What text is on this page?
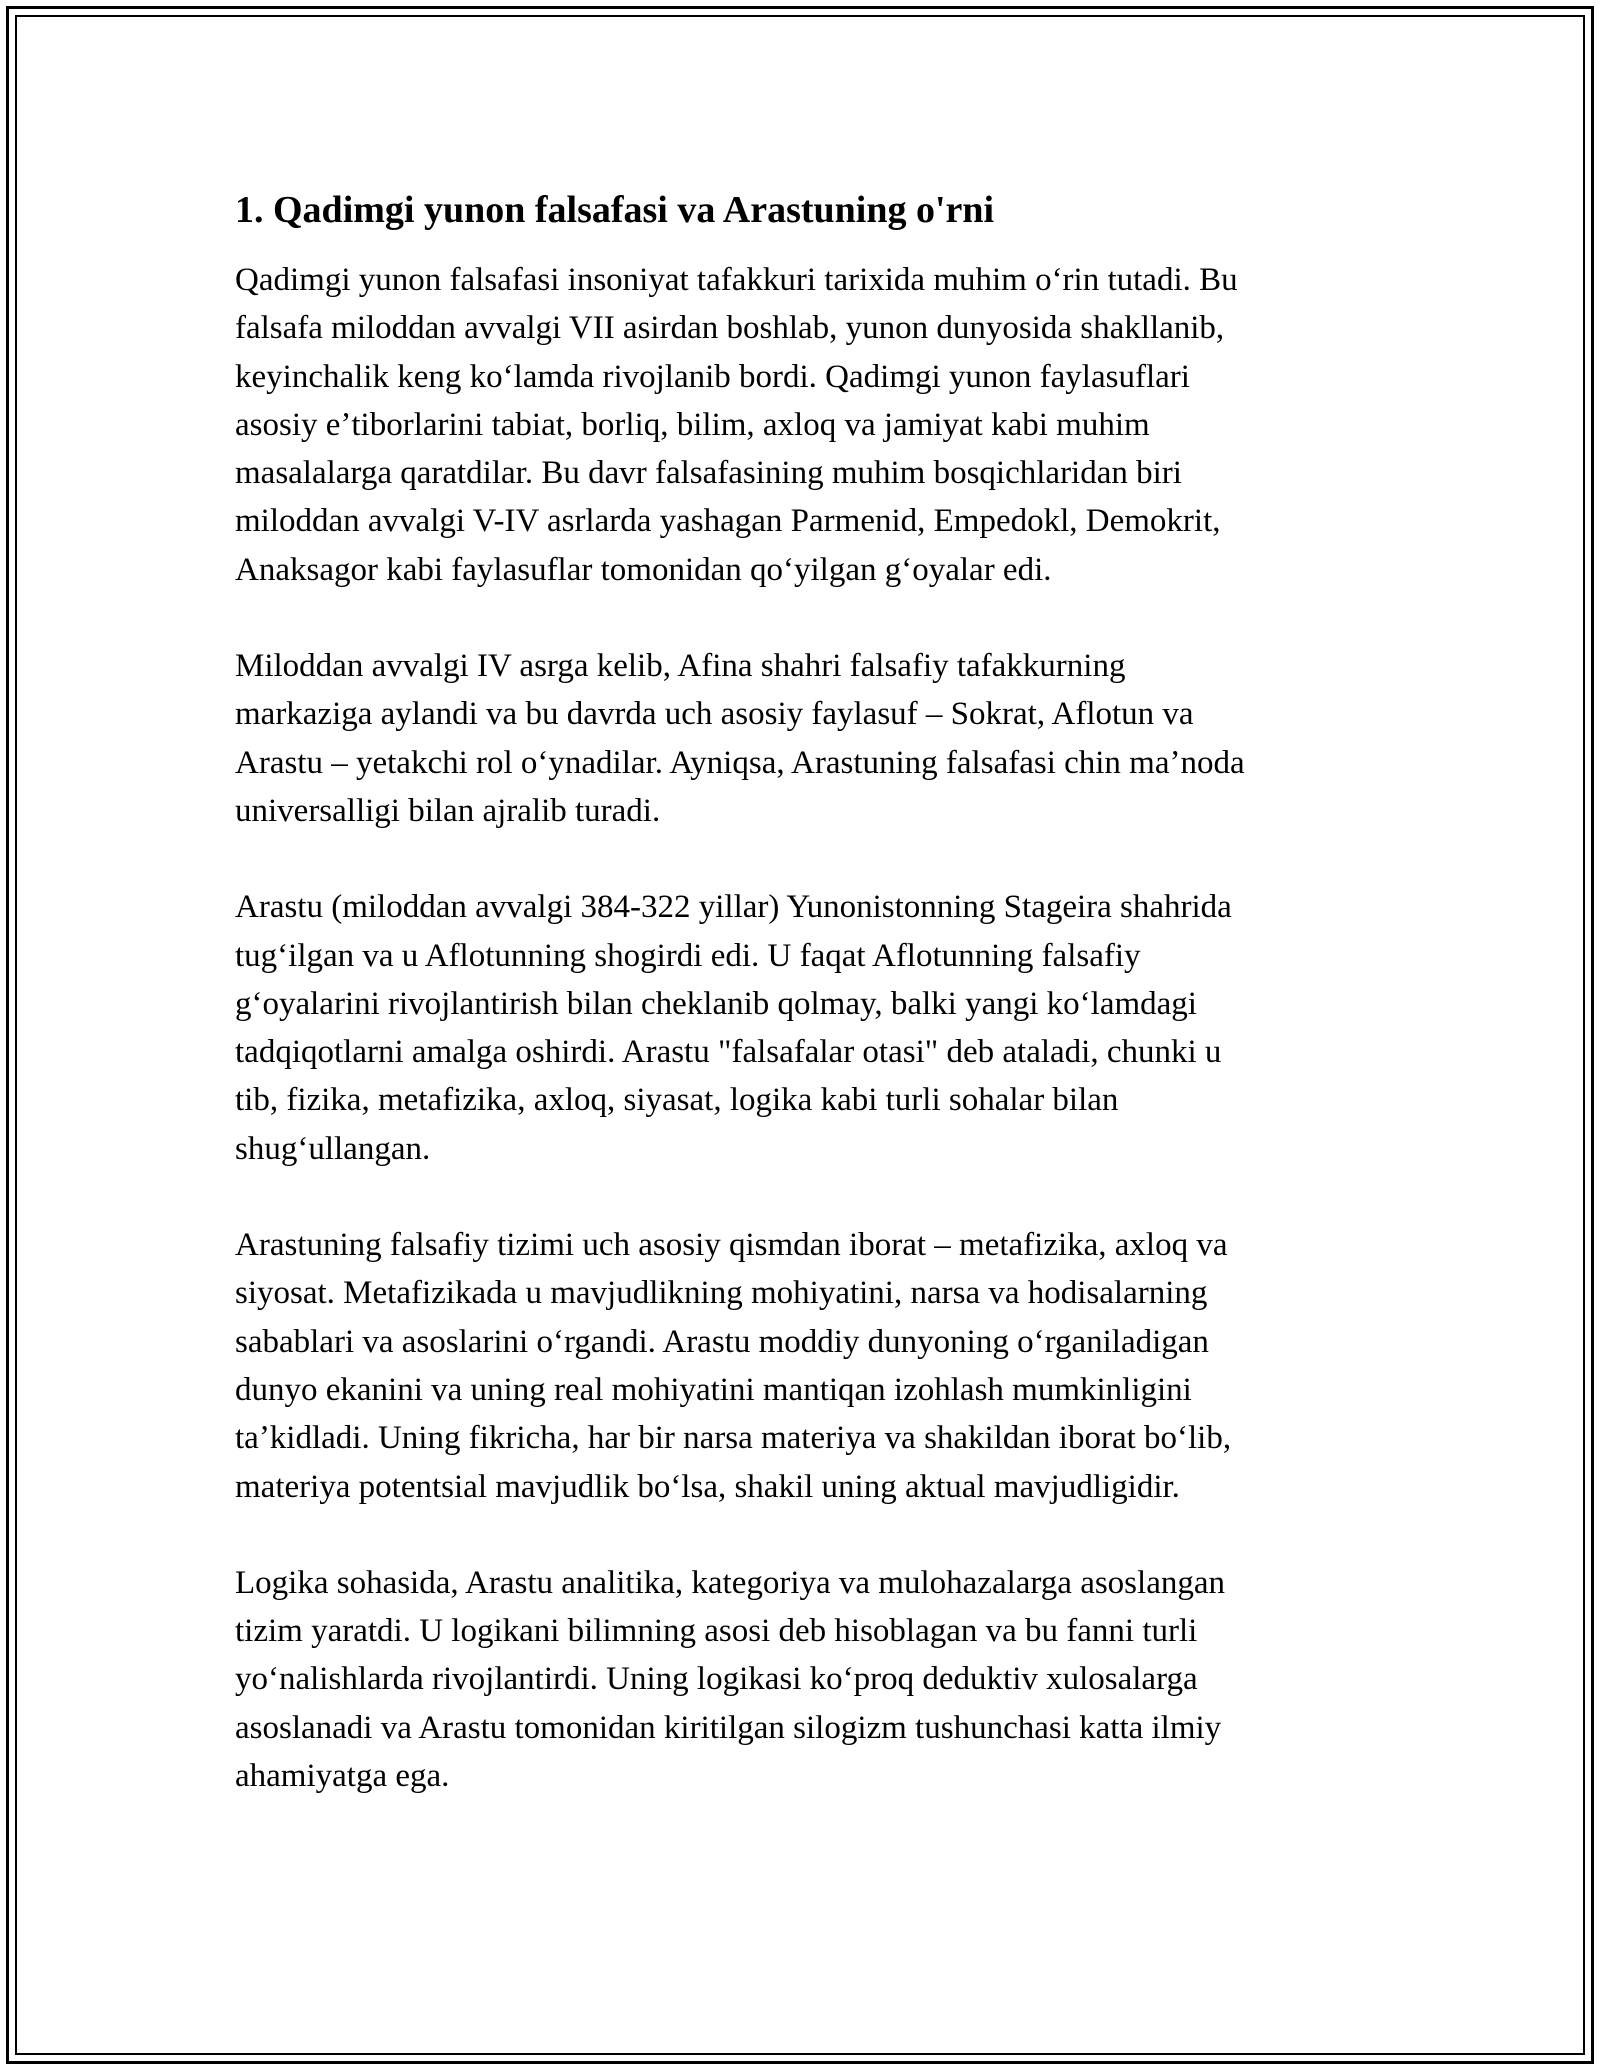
1. Qadimgi yunon falsafasi va Arastuning o'rni

Qadimgi yunon falsafasi insoniyat tafakkuri tarixida muhim oʻrin tutadi. Bu
falsafa miloddan avvalgi VII asirdan boshlab, yunon dunyosida shakllanib,
keyinchalik keng koʻlamda rivojlanib bordi. Qadimgi yunon faylasuflari
asosiy eʼtiborlarini tabiat, borliq, bilim, axloq va jamiyat kabi muhim
masalalarga qaratdilar. Bu davr falsafasining muhim bosqichlaridan biri
miloddan avvalgi V-IV asrlarda yashagan Parmenid, Empedokl, Demokrit,
Anaksagor kabi faylasuflar tomonidan qoʻyilgan gʻoyalar edi.

Miloddan avvalgi IV asrga kelib, Afina shahri falsafiy tafakkurning
markaziga aylandi va bu davrda uch asosiy faylasuf – Sokrat, Aflotun va
Arastu – yetakchi rol oʻynadilar. Ayniqsa, Arastuning falsafasi chin maʼnoda
universalligi bilan ajralib turadi.

Arastu (miloddan avvalgi 384-322 yillar) Yunonistonning Stageira shahrida
tugʻilgan va u Aflotunning shogirdi edi. U faqat Aflotunning falsafiy
gʻoyalarini rivojlantirish bilan cheklanib qolmay, balki yangi koʻlamdagi
tadqiqotlarni amalga oshirdi. Arastu "falsafalar otasi" deb ataladi, chunki u
tib, fizika, metafizika, axloq, siyasat, logika kabi turli sohalar bilan
shugʻullangan.

Arastuning falsafiy tizimi uch asosiy qismdan iborat – metafizika, axloq va
siyosat. Metafizikada u mavjudlikning mohiyatini, narsa va hodisalarning
sabablari va asoslarini oʻrgandi. Arastu moddiy dunyoning oʻrganiladigan
dunyo ekanini va uning real mohiyatini mantiqan izohlash mumkinligini
taʼkidladi. Uning fikricha, har bir narsa materiya va shakildan iborat boʻlib,
materiya potentsial mavjudlik boʻlsa, shakil uning aktual mavjudligidir.

Logika sohasida, Arastu analitika, kategoriya va mulohazalarga asoslangan
tizim yaratdi. U logikani bilimning asosi deb hisoblagan va bu fanni turli
yoʻnalishlarda rivojlantirdi. Uning logikasi koʻproq deduktiv xulosalarga
asoslanadi va Arastu tomonidan kiritilgan silogizm tushunchasi katta ilmiy
ahamiyatga ega.
